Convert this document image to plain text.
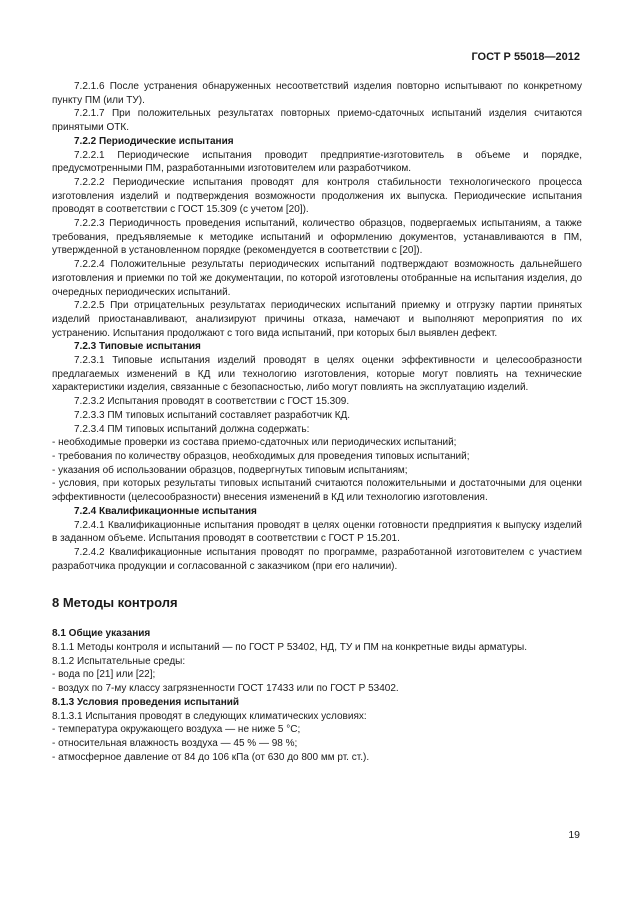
ГОСТ Р 55018—2012

7.2.1.6 После устранения обнаруженных несоответствий изделия повторно испытывают по конкретному пункту ПМ (или ТУ).

7.2.1.7 При положительных результатах повторных приемо-сдаточных испытаний изделия считаются принятыми ОТК.

7.2.2 Периодические испытания

7.2.2.1 Периодические испытания проводит предприятие-изготовитель в объеме и порядке, предусмотренными ПМ, разработанными изготовителем или разработчиком.

7.2.2.2 Периодические испытания проводят для контроля стабильности технологического процесса изготовления изделий и подтверждения возможности продолжения их выпуска. Периодические испытания проводят в соответствии с ГОСТ 15.309 (с учетом [20]).

7.2.2.3 Периодичность проведения испытаний, количество образцов, подвергаемых испытаниям, а также требования, предъявляемые к методике испытаний и оформлению документов, устанавливаются в ПМ, утвержденной в установленном порядке (рекомендуется в соответствии с [20]).

7.2.2.4 Положительные результаты периодических испытаний подтверждают возможность дальнейшего изготовления и приемки по той же документации, по которой изготовлены отобранные на испытания изделия, до очередных периодических испытаний.

7.2.2.5 При отрицательных результатах периодических испытаний приемку и отгрузку партии принятых изделий приостанавливают, анализируют причины отказа, намечают и выполняют мероприятия по их устранению. Испытания продолжают с того вида испытаний, при которых был выявлен дефект.

7.2.3 Типовые испытания

7.2.3.1 Типовые испытания изделий проводят в целях оценки эффективности и целесообразности предлагаемых изменений в КД или технологию изготовления, которые могут повлиять на технические характеристики изделия, связанные с безопасностью, либо могут повлиять на эксплуатацию изделий.

7.2.3.2 Испытания проводят в соответствии с ГОСТ 15.309.

7.2.3.3 ПМ типовых испытаний составляет разработчик КД.

7.2.3.4 ПМ типовых испытаний должна содержать:

- необходимые проверки из состава приемо-сдаточных или периодических испытаний;

- требования по количеству образцов, необходимых для проведения типовых испытаний;

- указания об использовании образцов, подвергнутых типовым испытаниям;

- условия, при которых результаты типовых испытаний считаются положительными и достаточными для оценки эффективности (целесообразности) внесения изменений в КД или технологию изготовления.

7.2.4 Квалификационные испытания

7.2.4.1 Квалификационные испытания проводят в целях оценки готовности предприятия к выпуску изделий в заданном объеме. Испытания проводят в соответствии с ГОСТ Р 15.201.

7.2.4.2 Квалификационные испытания проводят по программе, разработанной изготовителем с участием разработчика продукции и согласованной с заказчиком (при его наличии).

8 Методы контроля

8.1 Общие указания

8.1.1 Методы контроля и испытаний — по ГОСТ Р 53402, НД, ТУ и ПМ на конкретные виды арматуры.

8.1.2 Испытательные среды:

- вода по [21] или [22];

- воздух по 7-му классу загрязненности ГОСТ 17433 или по ГОСТ Р 53402.

8.1.3 Условия проведения испытаний

8.1.3.1 Испытания проводят в следующих климатических условиях:

- температура окружающего воздуха — не ниже 5 °С;

- относительная влажность воздуха — 45 % — 98 %;

- атмосферное давление от 84 до 106 кПа (от 630 до 800 мм рт. ст.).

19
